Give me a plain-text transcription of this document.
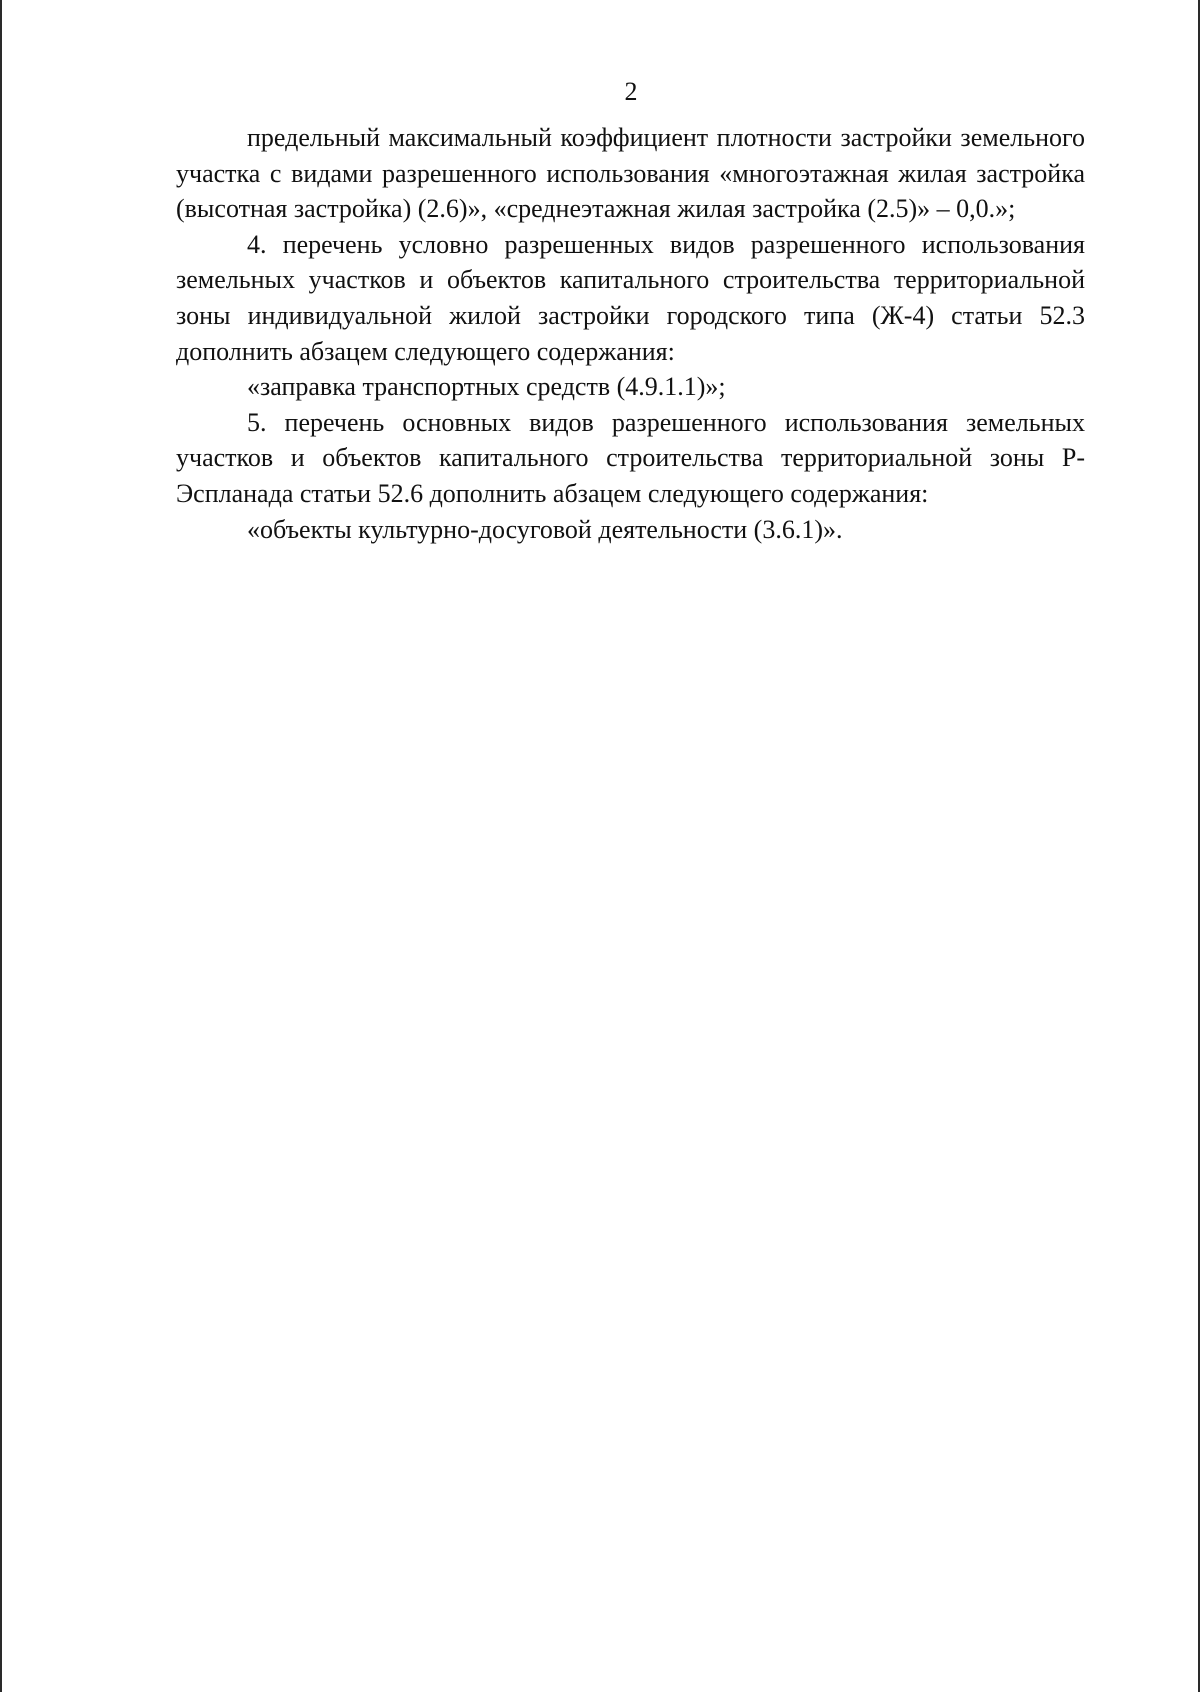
2

предельный максимальный коэффициент плотности застройки земельного участка с видами разрешенного использования «многоэтажная жилая застройка (высотная застройка) (2.6)», «среднеэтажная жилая застройка (2.5)» – 0,0.»;

4. перечень условно разрешенных видов разрешенного использования земельных участков и объектов капитального строительства территориальной зоны индивидуальной жилой застройки городского типа (Ж-4) статьи 52.3 дополнить абзацем следующего содержания:

«заправка транспортных средств (4.9.1.1)»;

5. перечень основных видов разрешенного использования земельных участков и объектов капитального строительства территориальной зоны Р-Эспланада статьи 52.6 дополнить абзацем следующего содержания:

«объекты культурно-досуговой деятельности (3.6.1)».
